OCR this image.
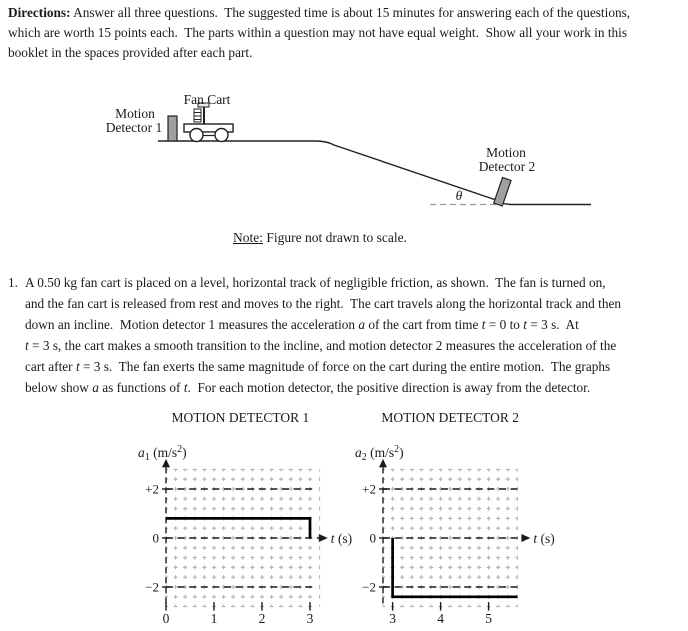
Directions: Answer all three questions.  The suggested time is about 15 minutes for answering each of the questions,
which are worth 15 points each.  The parts within a question may not have equal weight.  Show all your work in this
booklet in the spaces provided after each part.
Fan Cart
Motion
Detector 1
Motion
Detector 2
θ
Note: Figure not drawn to scale.
1. A 0.50 kg fan cart is placed on a level, horizontal track of negligible friction, as shown.  The fan is turned on,
and the fan cart is released from rest and moves to the right.  The cart travels along the horizontal track and then
down an incline.  Motion detector 1 measures the acceleration a of the cart from time t = 0 to t = 3 s.  At
t = 3 s, the cart makes a smooth transition to the incline, and motion detector 2 measures the acceleration of the
cart after t = 3 s.  The fan exerts the same magnitude of force on the cart during the entire motion.  The graphs
below show a as functions of t.  For each motion detector, the positive direction is away from the detector.
+2
0
−2
0	1	2	3
MOTION DETECTOR 1
$a_1$ $(m/s^2)$
t (s)
+2
0
−2
3	4	5
MOTION DETECTOR 2
$a_2$ $(m/s^2)$
t (s)
